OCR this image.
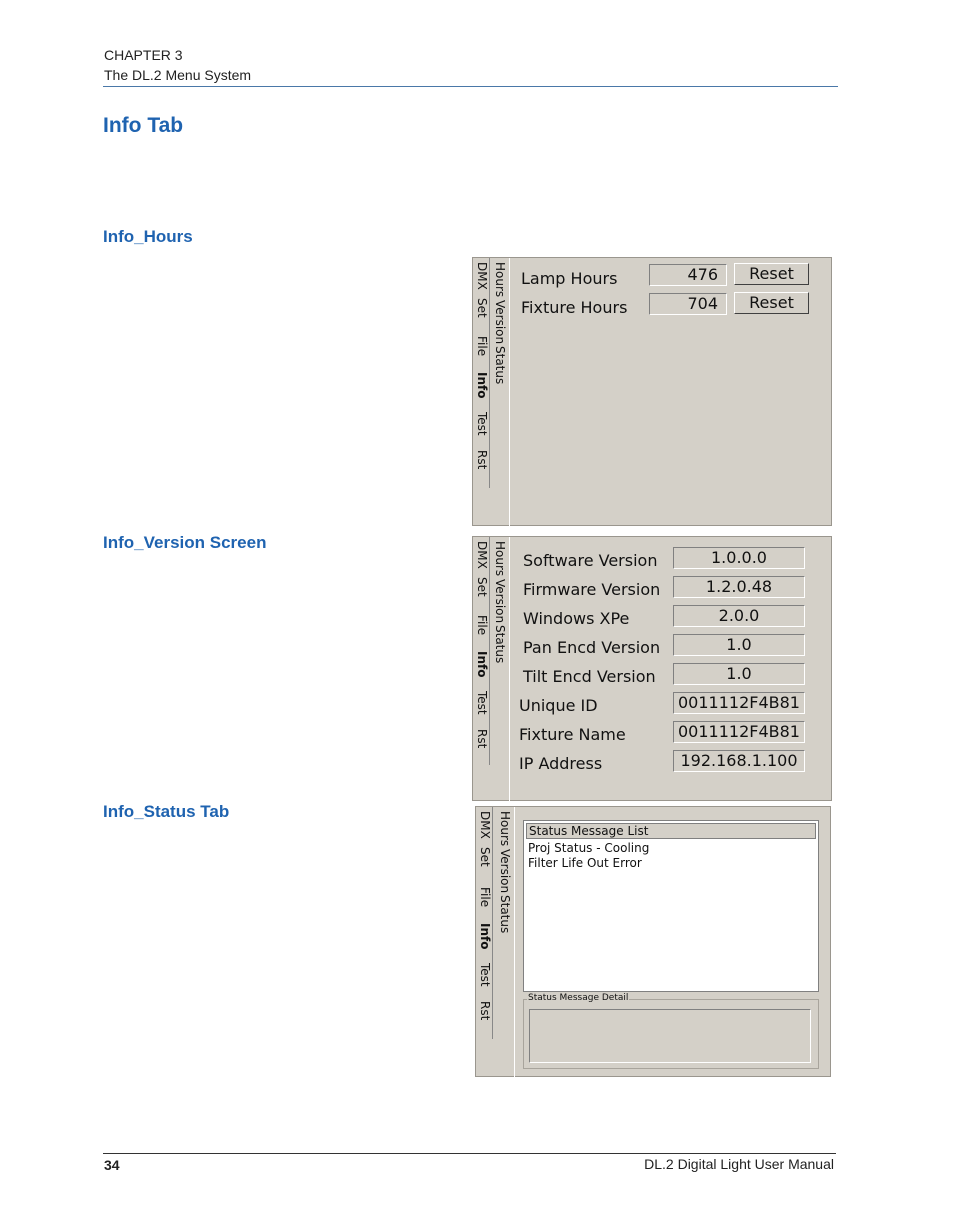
CHAPTER 3
The DL.2 Menu System
Info Tab
Info_Hours
Info_Version Screen
Info_Status Tab
DMX
Set
File
Info
Test
Rst
Hours
Version
Status
Lamp Hours	476	Reset
Fixture Hours	704	Reset
DMX
Set
File
Info
Test
Rst
Hours
Version
Status
Software Version	1.0.0.0
Firmware Version	1.2.0.48
Windows XPe	2.0.0
Pan Encd Version	1.0
Tilt Encd Version	1.0
Unique ID	0011112F4B81
Fixture Name	0011112F4B81
IP Address	192.168.1.100
DMX
Set
File
Info
Test
Rst
Hours
Version
Status
Status Message List
Proj Status - Cooling
Filter Life Out Error
Status Message Detail
34	DL.2 Digital Light User Manual
